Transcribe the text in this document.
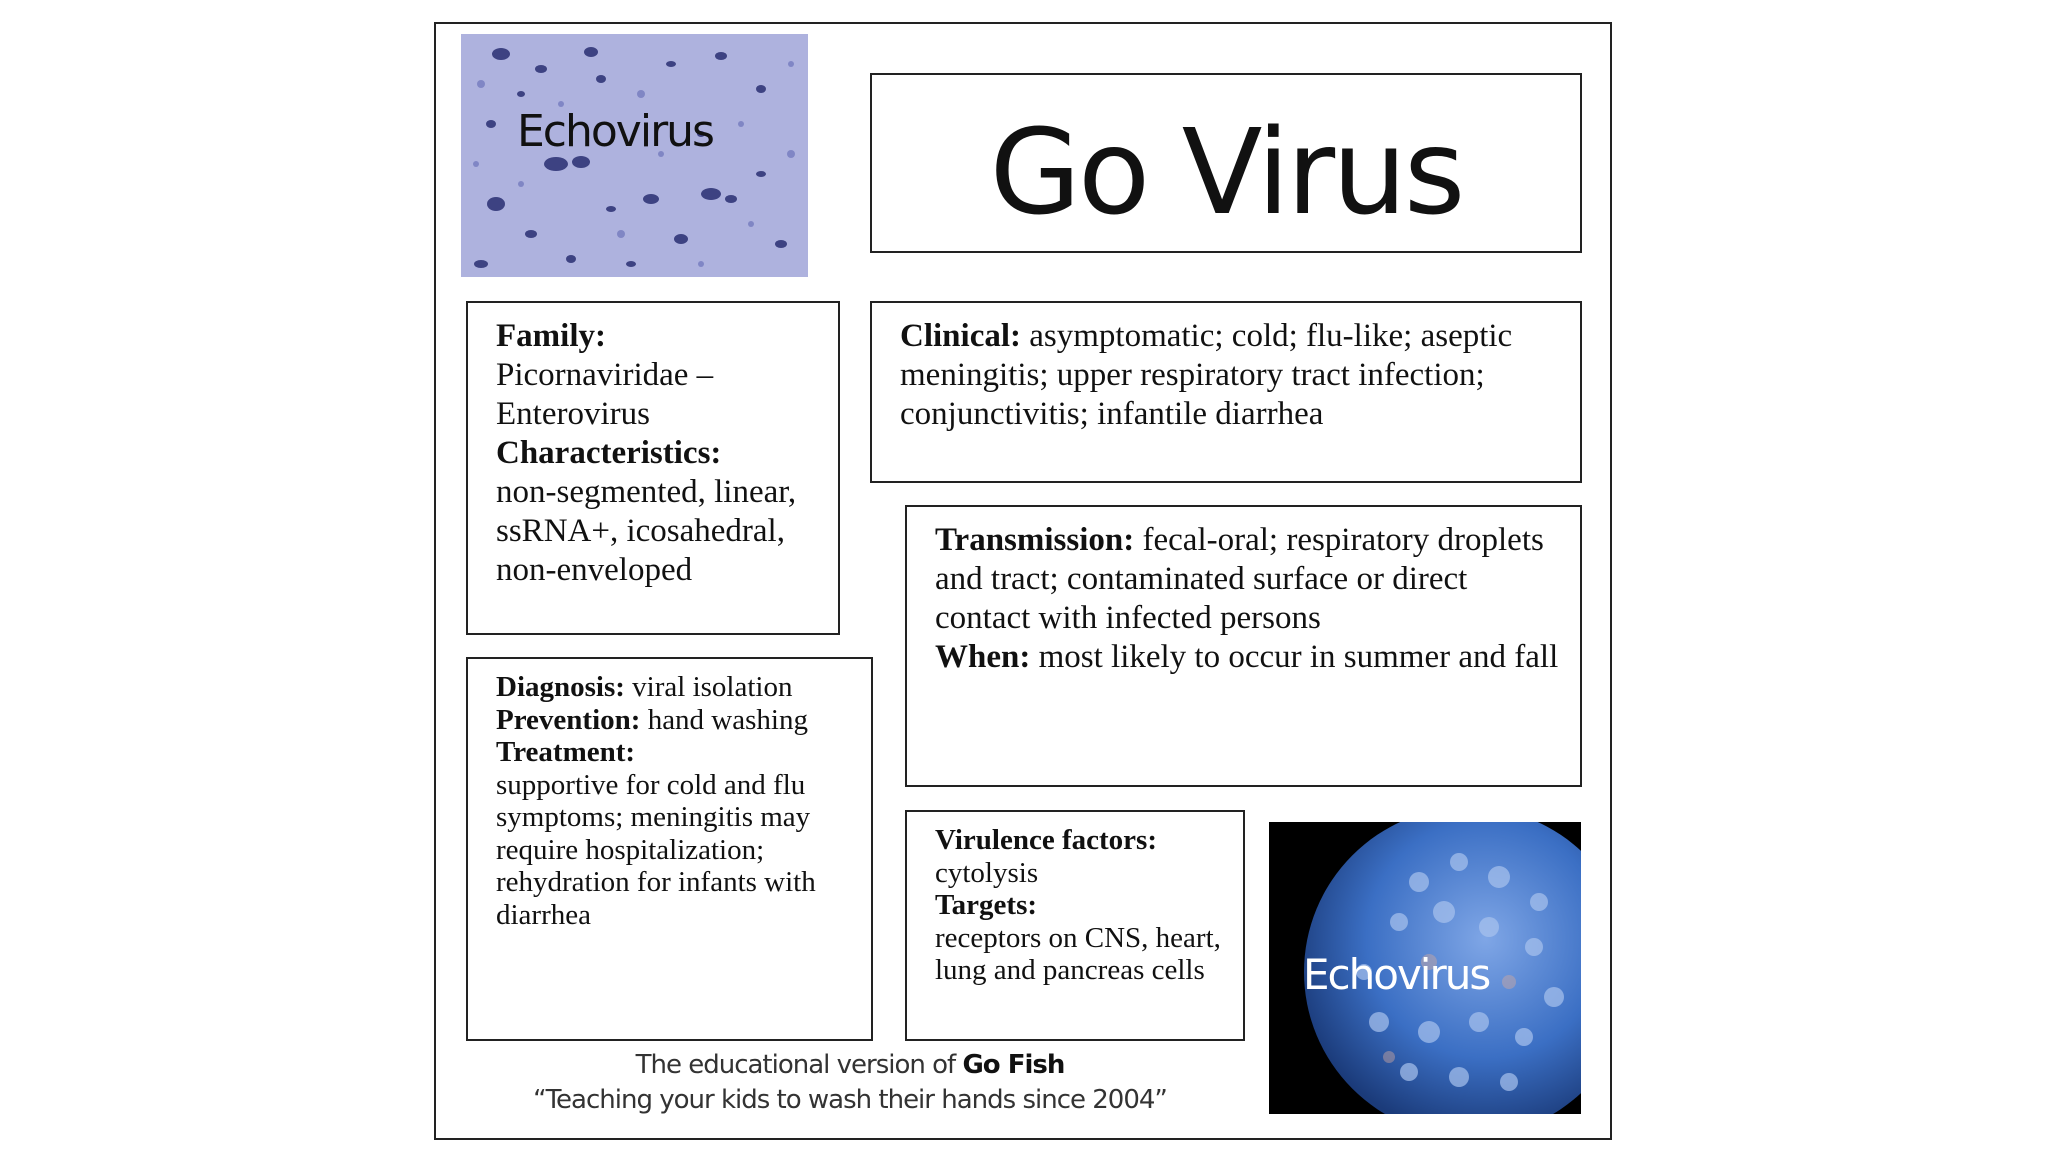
Echovirus	Go Virus
Family:
Picornaviridae – Enterovirus
Characteristics:
non-segmented, linear, ssRNA+, icosahedral, non-enveloped
Clinical: asymptomatic; cold; flu-like; aseptic meningitis; upper respiratory tract infection; conjunctivitis; infantile diarrhea
Transmission: fecal-oral; respiratory droplets and tract; contaminated surface or direct contact with infected persons
When: most likely to occur in summer and fall
Diagnosis: viral isolation
Prevention: hand washing
Treatment:
supportive for cold and flu symptoms; meningitis may require hospitalization; rehydration for infants with diarrhea
Virulence factors: cytolysis
Targets:
receptors on CNS, heart, lung and pancreas cells	Echovirus
The educational version of Go Fish
“Teaching your kids to wash their hands since 2004”
